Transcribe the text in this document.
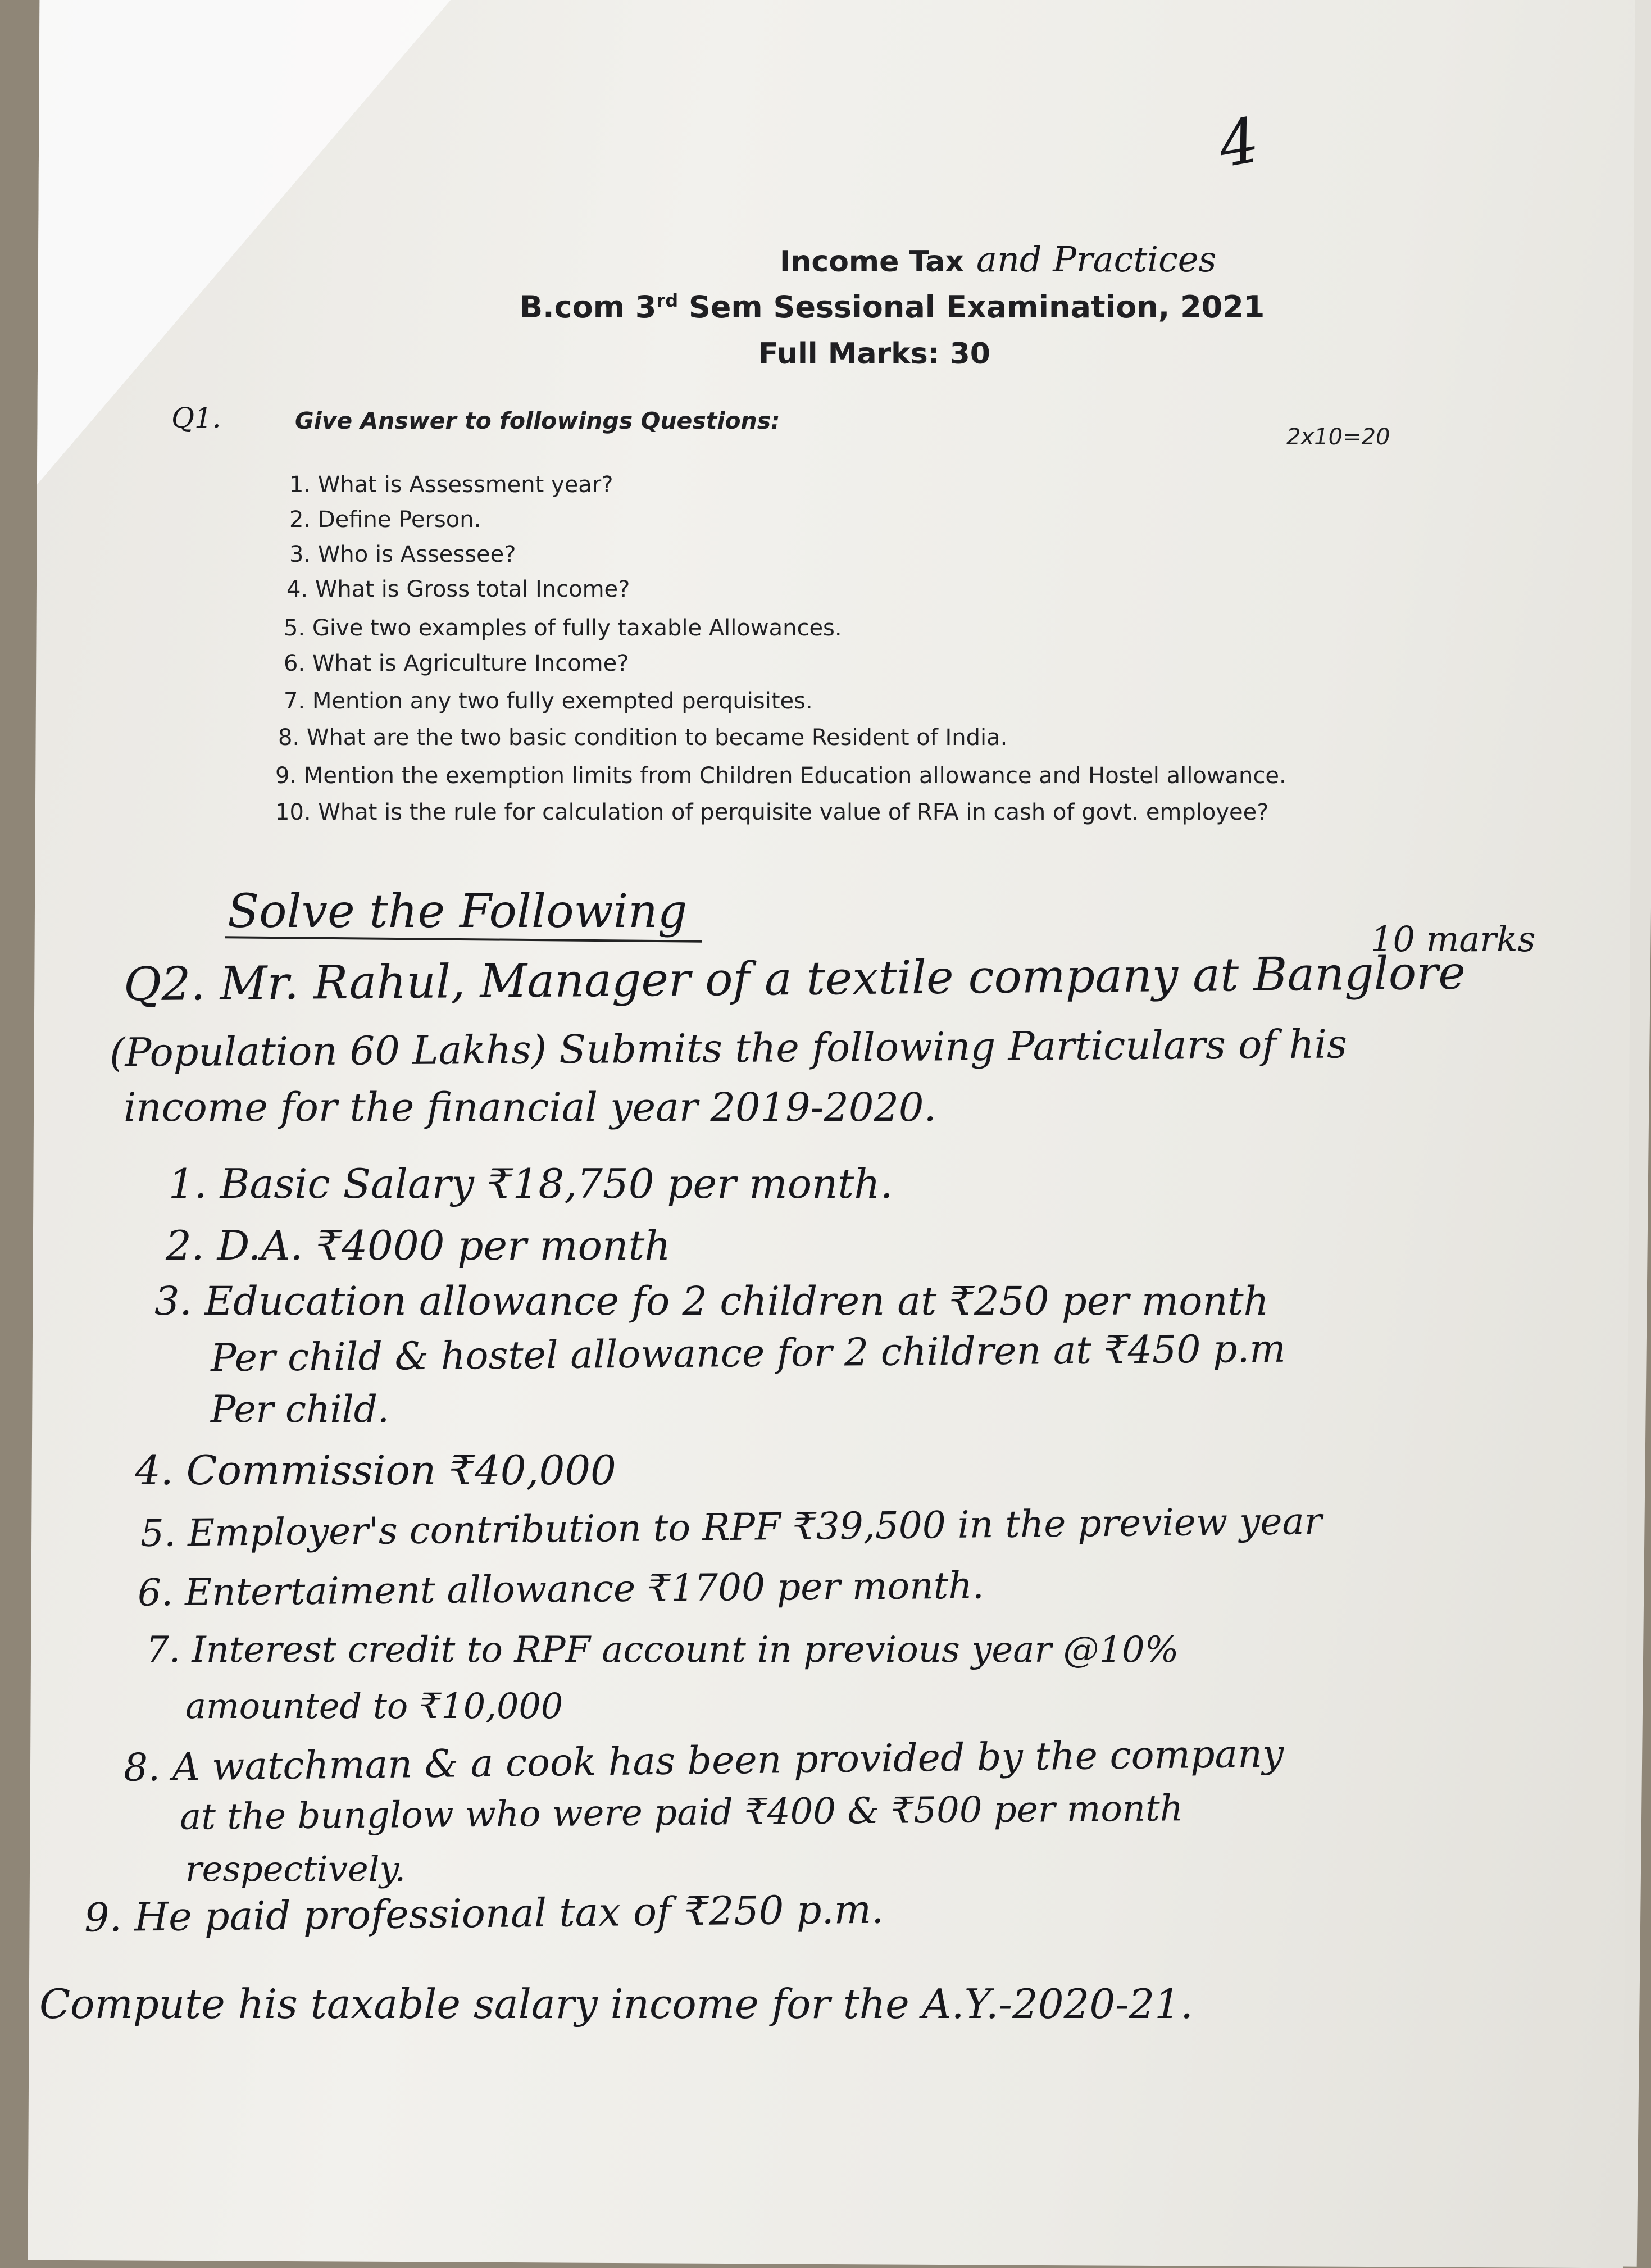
4
Income Tax and Practices
B.com 3rd Sem Sessional Examination, 2021
Full Marks: 30
Q1.	Give Answer to followings Questions:
2x10=20
1. What is Assessment year?
2. Define Person.
3. Who is Assessee?
4. What is Gross total Income?
5. Give two examples of fully taxable Allowances.
6. What is Agriculture Income?
7. Mention any two fully exempted perquisites.
8. What are the two basic condition to became Resident of India.
9. Mention the exemption limits from Children Education allowance and Hostel allowance.
10. What is the rule for calculation of perquisite value of RFA in cash of govt. employee?
Solve the Following
10 marks
Q2. Mr. Rahul, Manager of a textile company at Banglore
(Population 60 Lakhs) Submits the following Particulars of his
income for the financial year 2019-2020.
1. Basic Salary ₹18,750 per month.
2. D.A. ₹4000 per month
3. Education allowance fo 2 children at ₹250 per month
Per child & hostel allowance for 2 children at ₹450 p.m
Per child.
4. Commission ₹40,000
5. Employer's contribution to RPF ₹39,500 in the preview year
6. Entertaiment allowance ₹1700 per month.
7. Interest credit to RPF account in previous year @10%
amounted to ₹10,000
8. A watchman & a cook has been provided by the company
at the bunglow who were paid ₹400 & ₹500 per month
respectively.
9. He paid professional tax of ₹250 p.m.
Compute his taxable salary income for the A.Y.-2020-21.
